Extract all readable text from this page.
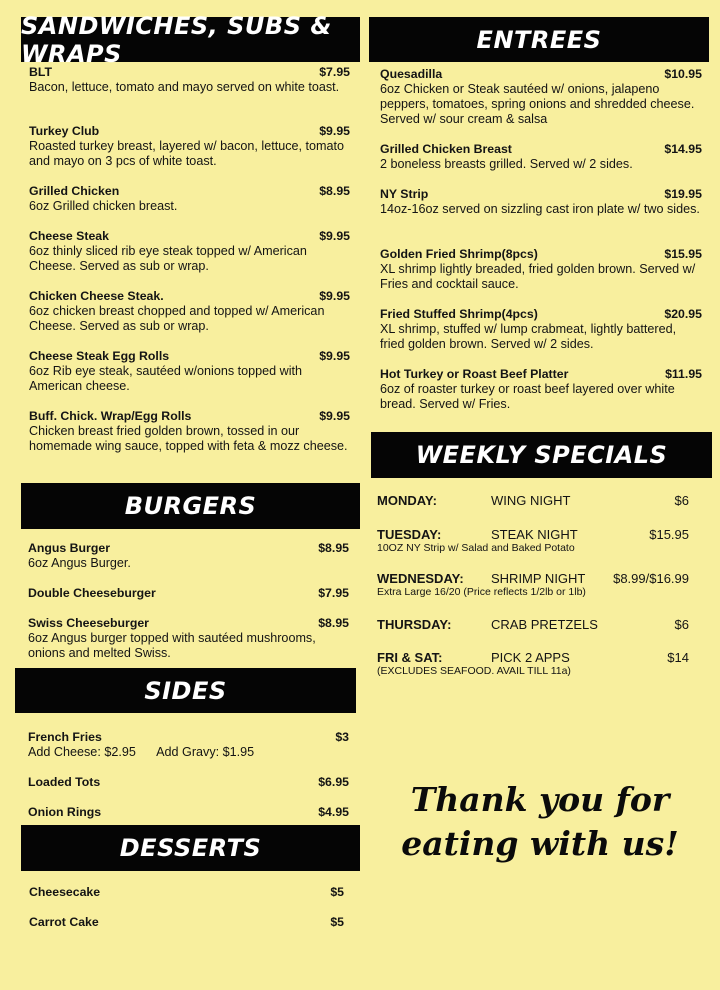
SANDWICHES, SUBS & WRAPS	ENTREES
BURGERS
WEEKLY SPECIALS
SIDES
DESSERTS
BLT	$7.95
Bacon, lettuce, tomato and mayo served on white toast.
Turkey Club	$9.95
Roasted turkey breast, layered w/ bacon, lettuce, tomato and mayo on 3 pcs of white toast.
Grilled Chicken	$8.95
6oz Grilled chicken breast.
Cheese Steak	$9.95
6oz thinly sliced rib eye steak topped w/ American Cheese. Served as sub or wrap.
Chicken Cheese Steak.	$9.95
6oz chicken breast chopped and topped w/ American Cheese. Served as sub or wrap.
Cheese Steak Egg Rolls	$9.95
6oz Rib eye steak, sautéed w/onions topped with American cheese.
Buff. Chick. Wrap/Egg Rolls	$9.95
Chicken breast fried golden brown, tossed in our homemade wing sauce, topped with feta & mozz cheese.
Angus Burger	$8.95
6oz Angus Burger.
Double Cheeseburger	$7.95
Swiss Cheeseburger	$8.95
6oz Angus burger topped with sautéed mushrooms, onions and melted Swiss.
French Fries	$3
Add Cheese: $2.95      Add Gravy: $1.95
Loaded Tots	$6.95
Onion Rings	$4.95
Cheesecake	$5
Carrot Cake	$5
Quesadilla	$10.95
6oz Chicken or Steak sautéed w/ onions, jalapeno peppers, tomatoes, spring onions and shredded cheese. Served w/ sour cream & salsa
Grilled Chicken Breast	$14.95
2 boneless breasts grilled. Served w/ 2 sides.
NY Strip	$19.95
14oz-16oz served on sizzling cast iron plate w/ two sides.
Golden Fried Shrimp(8pcs)	$15.95
XL shrimp lightly breaded, fried golden brown. Served w/ Fries and cocktail sauce.
Fried Stuffed Shrimp(4pcs)	$20.95
XL shrimp, stuffed w/ lump crabmeat, lightly battered, fried golden brown. Served w/ 2 sides.
Hot Turkey or Roast Beef Platter	$11.95
6oz of roaster turkey or roast beef layered over white bread. Served w/ Fries.
MONDAY:	WING NIGHT	$6
TUESDAY:	STEAK NIGHT	$15.95
10OZ NY Strip w/ Salad and Baked Potato
WEDNESDAY:	SHRIMP NIGHT	$8.99/$16.99
Extra Large 16/20 (Price reflects 1/2lb or 1lb)
THURSDAY:	CRAB PRETZELS	$6
FRI & SAT:	PICK 2 APPS	$14
(EXCLUDES SEAFOOD. AVAIL TILL 11a)
Thank you for eating with us!
